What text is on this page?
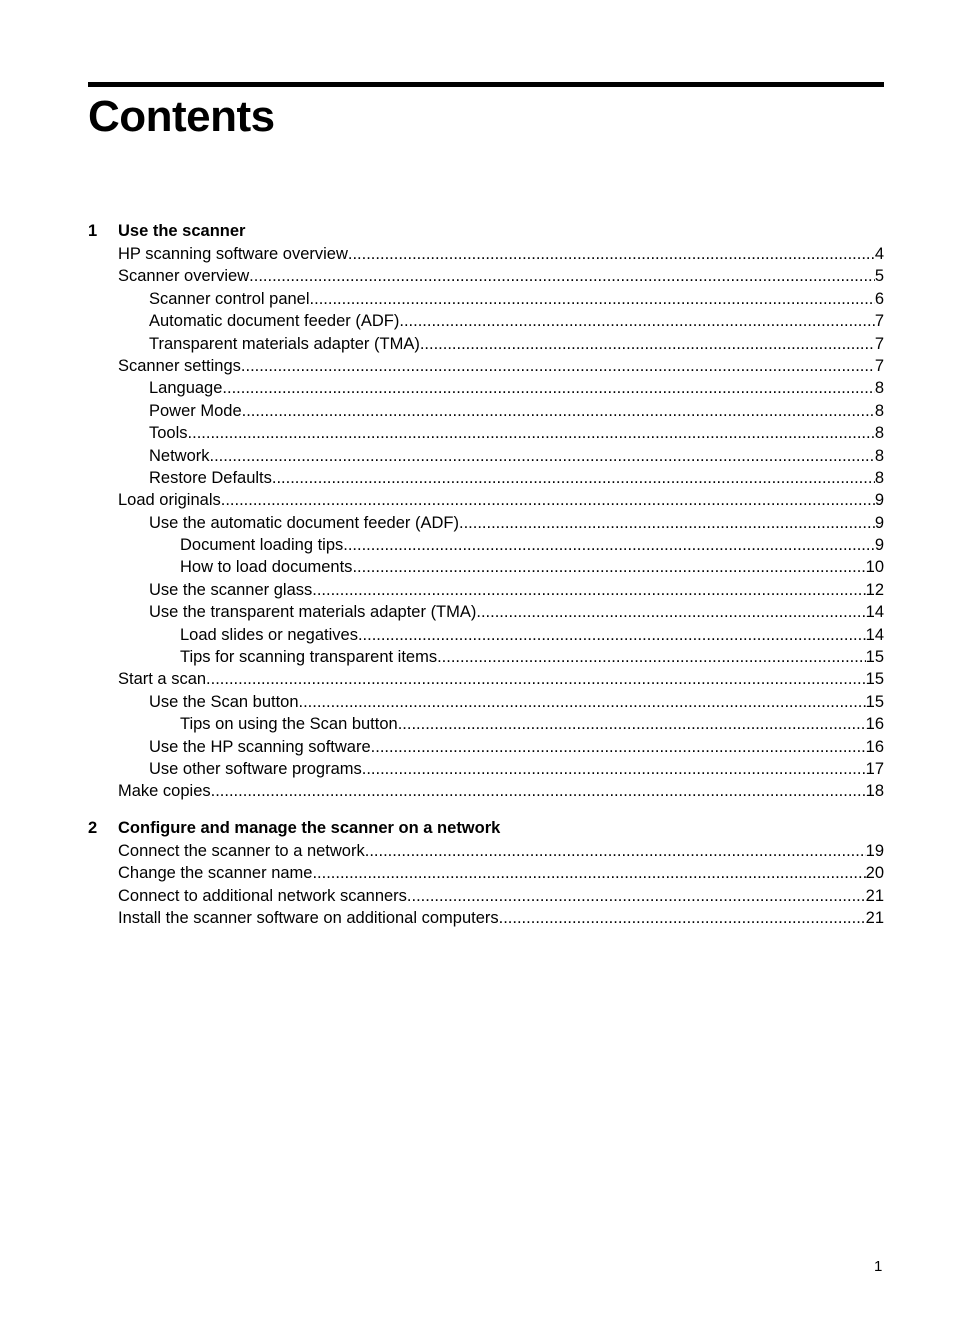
Contents
1 Use the scanner
HP scanning software overview .....	4
Scanner overview .....	5
Scanner control panel .....	6
Automatic document feeder (ADF) .....	7
Transparent materials adapter (TMA) .....	7
Scanner settings .....	7
Language .....	8
Power Mode .....	8
Tools .....	8
Network .....	8
Restore Defaults .....	8
Load originals .....	9
Use the automatic document feeder (ADF) .....	9
Document loading tips .....	9
How to load documents .....	10
Use the scanner glass .....	12
Use the transparent materials adapter (TMA) .....	14
Load slides or negatives .....	14
Tips for scanning transparent items .....	15
Start a scan .....	15
Use the Scan button .....	15
Tips on using the Scan button .....	16
Use the HP scanning software .....	16
Use other software programs .....	17
Make copies .....	18
2 Configure and manage the scanner on a network
Connect the scanner to a network .....	19
Change the scanner name .....	20
Connect to additional network scanners .....	21
Install the scanner software on additional computers .....	21
1
